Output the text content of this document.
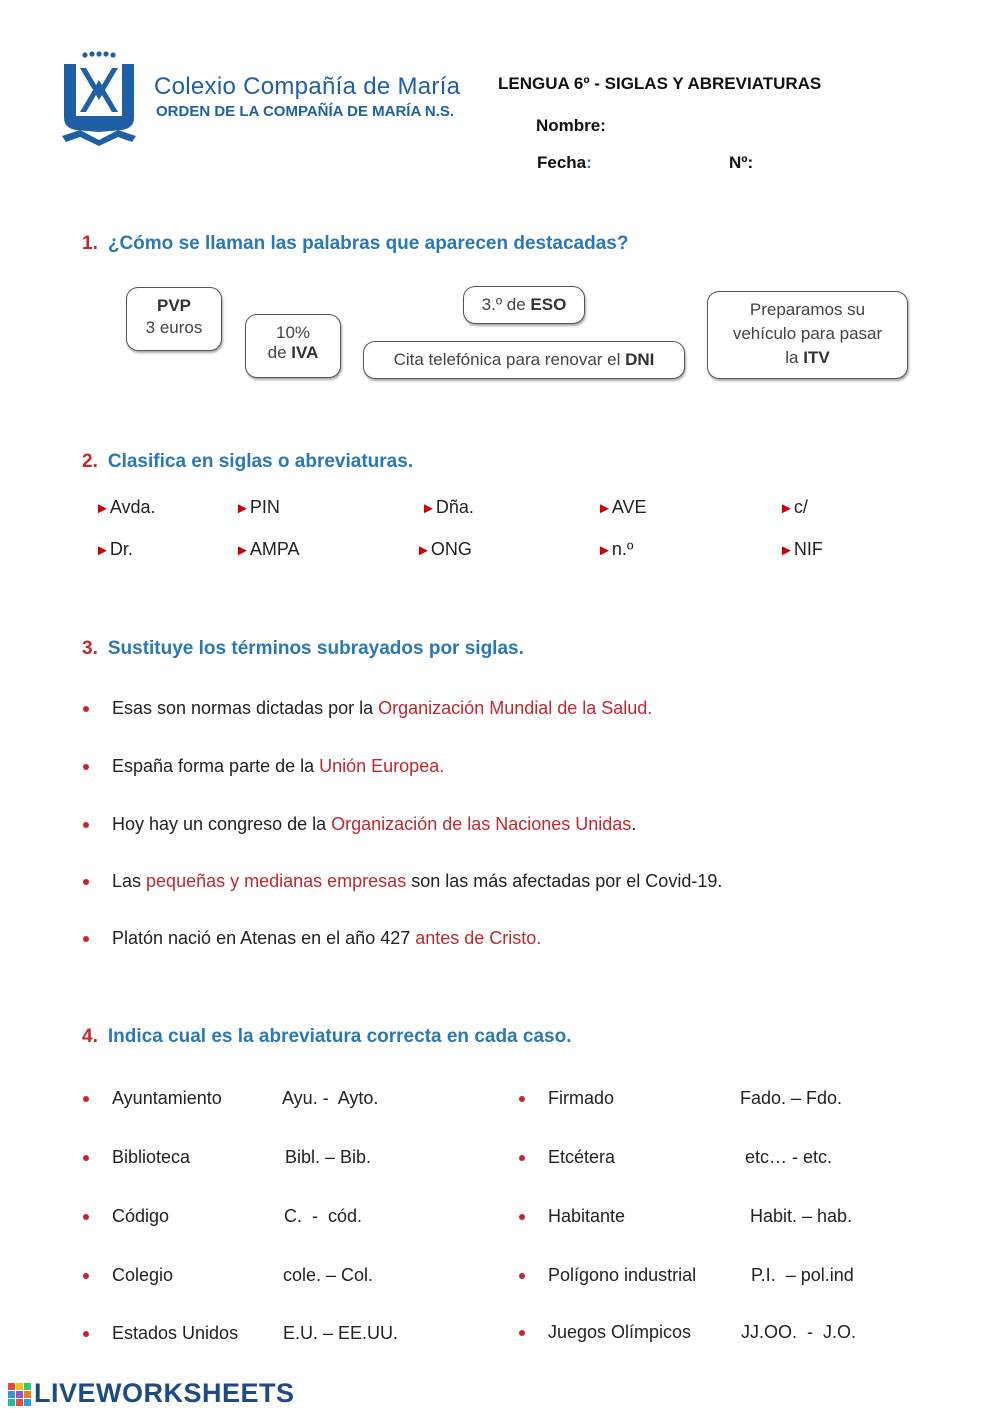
Colexio Compañía de María
ORDEN DE LA COMPAÑÍA DE MARÍA N.S.
LENGUA 6º - SIGLAS Y ABREVIATURAS
Nombre:
Fecha:	Nº:
1. ¿Cómo se llaman las palabras que aparecen destacadas?
PVP
3 euros	10%
de IVA
3.º de ESO
Cita telefónica para renovar el DNI
Preparamos su
vehículo para pasar
la ITV
2. Clasifica en siglas o abreviaturas.
►Avda.	►PIN	►Dña.	►AVE	►c/
►Dr.	►AMPA	►ONG	►n.º	►NIF
3. Sustituye los términos subrayados por siglas.
Esas son normas dictadas por la Organización Mundial de la Salud.
España forma parte de la Unión Europea.
Hoy hay un congreso de la Organización de las Naciones Unidas.
Las pequeñas y medianas empresas son las más afectadas por el Covid-19.
Platón nació en Atenas en el año 427 antes de Cristo.
4. Indica cual es la abreviatura correcta en cada caso.
Ayuntamiento	Ayu. -  Ayto.
Biblioteca	Bibl. – Bib.
Código	C.  -  cód.
Colegio	cole. – Col.
Estados Unidos E.U. – EE.UU.
Firmado	Fado. – Fdo.
Etcétera	etc… - etc.
Habitante	Habit. – hab.
Polígono industrial	P.I.  – pol.ind
Juegos Olímpicos	JJ.OO.  -  J.O.
LIVEWORKSHEETS
